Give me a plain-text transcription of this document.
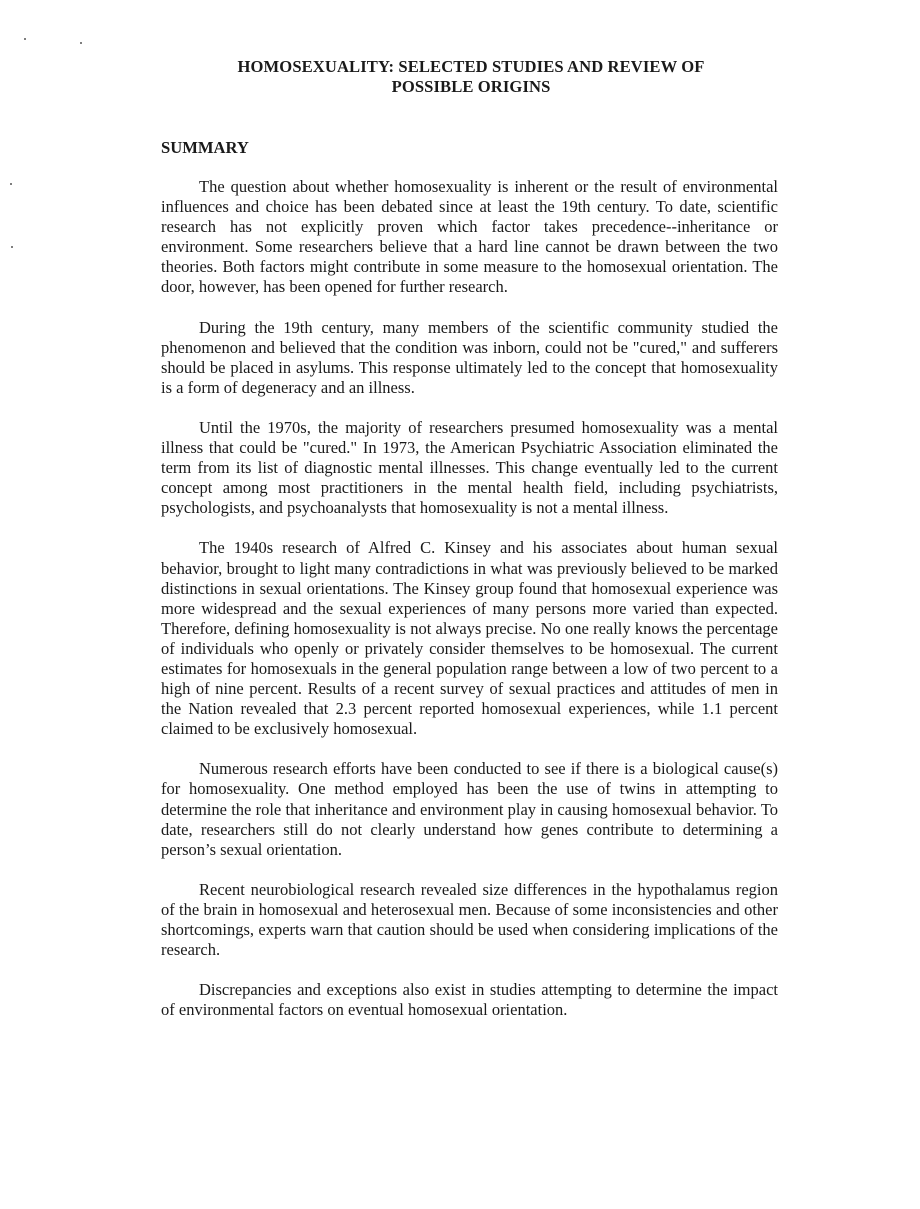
HOMOSEXUALITY: SELECTED STUDIES AND REVIEW OF
POSSIBLE ORIGINS
SUMMARY

The question about whether homosexuality is inherent or the result of environmental influences and choice has been debated since at least the 19th century. To date, scientific research has not explicitly proven which factor takes precedence--inheritance or environment. Some researchers believe that a hard line cannot be drawn between the two theories. Both factors might contribute in some measure to the homosexual orientation. The door, however, has been opened for further research.

During the 19th century, many members of the scientific community studied the phenomenon and believed that the condition was inborn, could not be "cured," and sufferers should be placed in asylums. This response ultimately led to the concept that homosexuality is a form of degeneracy and an illness.

Until the 1970s, the majority of researchers presumed homosexuality was a mental illness that could be "cured." In 1973, the American Psychiatric Association eliminated the term from its list of diagnostic mental illnesses. This change eventually led to the current concept among most practitioners in the mental health field, including psychiatrists, psychologists, and psychoanalysts that homosexuality is not a mental illness.

The 1940s research of Alfred C. Kinsey and his associates about human sexual behavior, brought to light many contradictions in what was previously believed to be marked distinctions in sexual orientations. The Kinsey group found that homosexual experience was more widespread and the sexual experiences of many persons more varied than expected. Therefore, defining homosexuality is not always precise. No one really knows the percentage of individuals who openly or privately consider themselves to be homosexual. The current estimates for homosexuals in the general population range between a low of two percent to a high of nine percent. Results of a recent survey of sexual practices and attitudes of men in the Nation revealed that 2.3 percent reported homosexual experiences, while 1.1 percent claimed to be exclusively homosexual.

Numerous research efforts have been conducted to see if there is a biological cause(s) for homosexuality. One method employed has been the use of twins in attempting to determine the role that inheritance and environment play in causing homosexual behavior. To date, researchers still do not clearly understand how genes contribute to determining a person’s sexual orientation.

Recent neurobiological research revealed size differences in the hypothalamus region of the brain in homosexual and heterosexual men. Because of some inconsistencies and other shortcomings, experts warn that caution should be used when considering implications of the research.

Discrepancies and exceptions also exist in studies attempting to determine the impact of environmental factors on eventual homosexual orientation.
